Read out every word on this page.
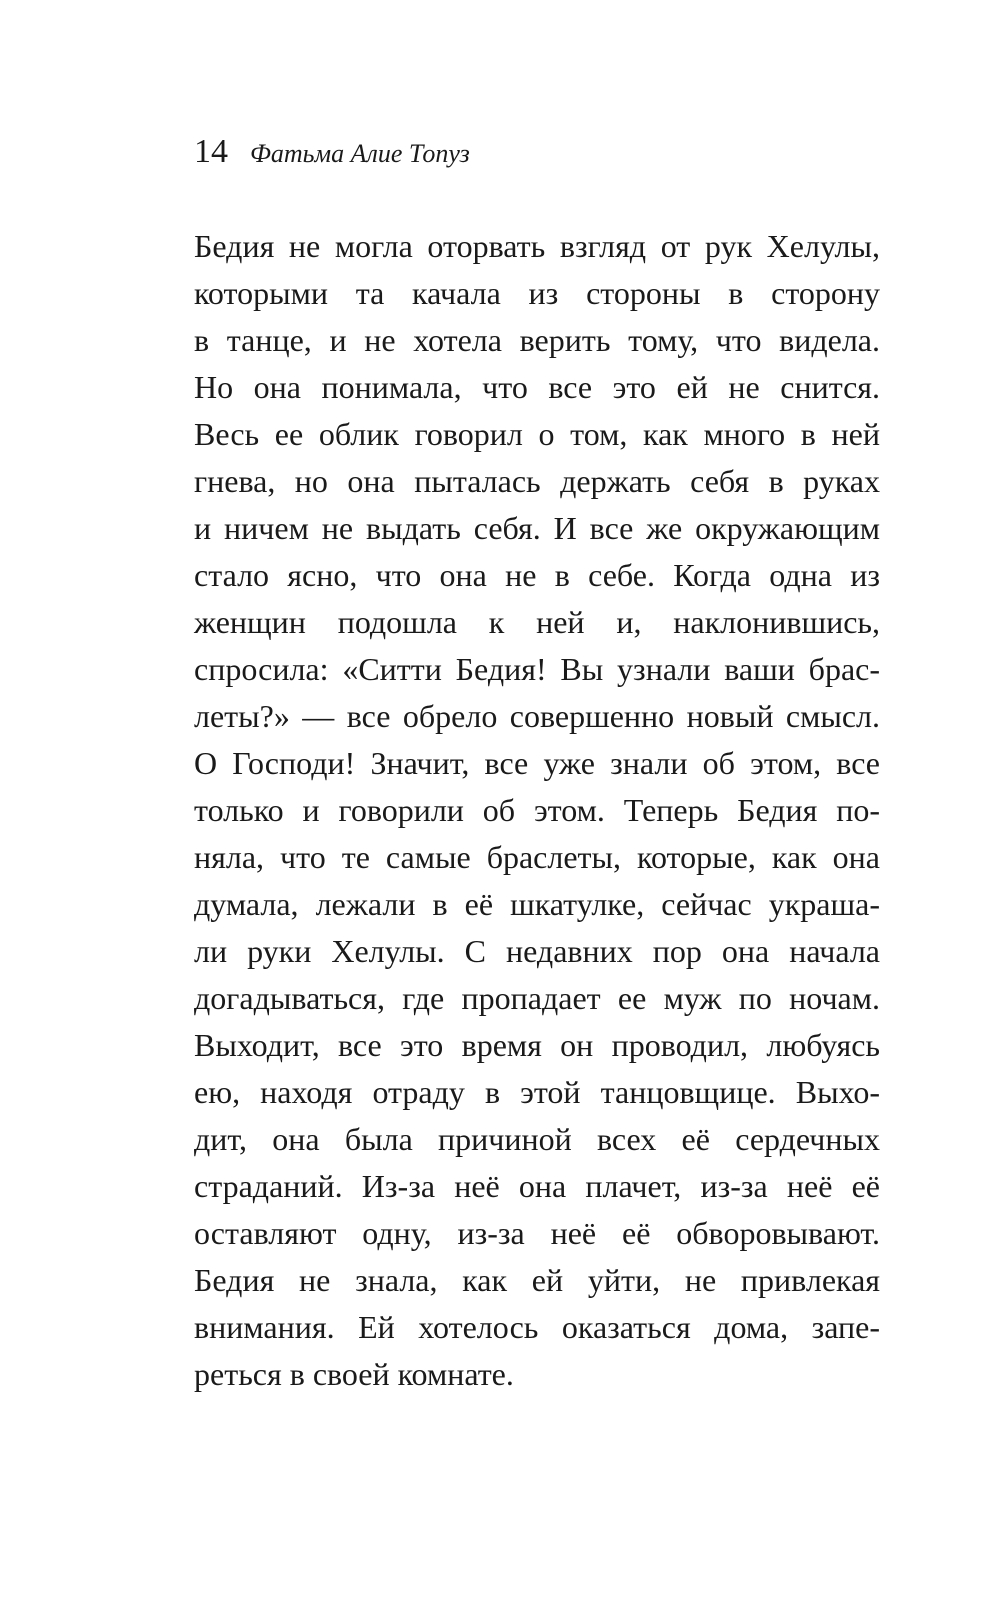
14 Фатьма Алие Топуз
Бедия не могла оторвать взгляд от рук Хелулы,
которыми та качала из стороны в сторону
в танце, и не хотела верить тому, что видела.
Но она понимала, что все это ей не снится.
Весь ее облик говорил о том, как много в ней
гнева, но она пыталась держать себя в руках
и ничем не выдать себя. И все же окружающим
стало ясно, что она не в себе. Когда одна из
женщин подошла к ней и, наклонившись,
спросила: «Ситти Бедия! Вы узнали ваши брас-
леты?» — все обрело совершенно новый смысл.
О Господи! Значит, все уже знали об этом, все
только и говорили об этом. Теперь Бедия по-
няла, что те самые браслеты, которые, как она
думала, лежали в её шкатулке, сейчас украша-
ли руки Хелулы. С недавних пор она начала
догадываться, где пропадает ее муж по ночам.
Выходит, все это время он проводил, любуясь
ею, находя отраду в этой танцовщице. Выхо-
дит, она была причиной всех её сердечных
страданий. Из-за неё она плачет, из-за неё её
оставляют одну, из-за неё её обворовывают.
Бедия не знала, как ей уйти, не привлекая
внимания. Ей хотелось оказаться дома, запе-
реться в своей комнате.
